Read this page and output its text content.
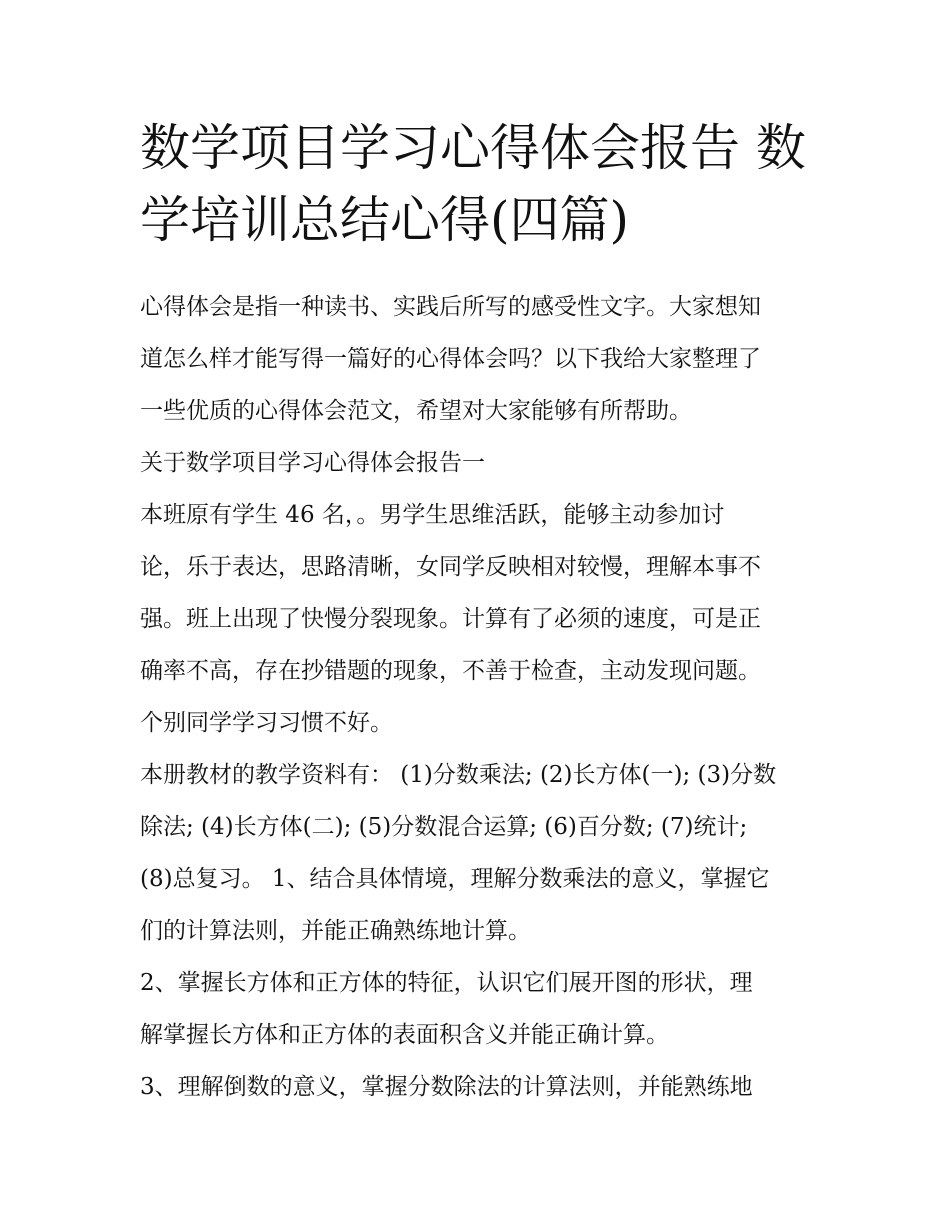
数学项目学习心得体会报告 数
学培训总结心得(四篇)
心得体会是指一种读书、实践后所写的感受性文字。大家想知
道怎么样才能写得一篇好的心得体会吗？以下我给大家整理了
一些优质的心得体会范文，希望对大家能够有所帮助。
关于数学项目学习心得体会报告一
本班原有学生 46 名，。男学生思维活跃，能够主动参加讨
论，乐于表达，思路清晰，女同学反映相对较慢，理解本事不
强。班上出现了快慢分裂现象。计算有了必须的速度，可是正
确率不高，存在抄错题的现象，不善于检查，主动发现问题。
个别同学学习习惯不好。
本册教材的教学资料有： (1)分数乘法; (2)长方体(一); (3)分数
除法; (4)长方体(二); (5)分数混合运算; (6)百分数; (7)统计;
(8)总复习。 1、结合具体情境，理解分数乘法的意义，掌握它
们的计算法则，并能正确熟练地计算。
2、掌握长方体和正方体的特征，认识它们展开图的形状，理
解掌握长方体和正方体的表面积含义并能正确计算。
3、理解倒数的意义，掌握分数除法的计算法则，并能熟练地
